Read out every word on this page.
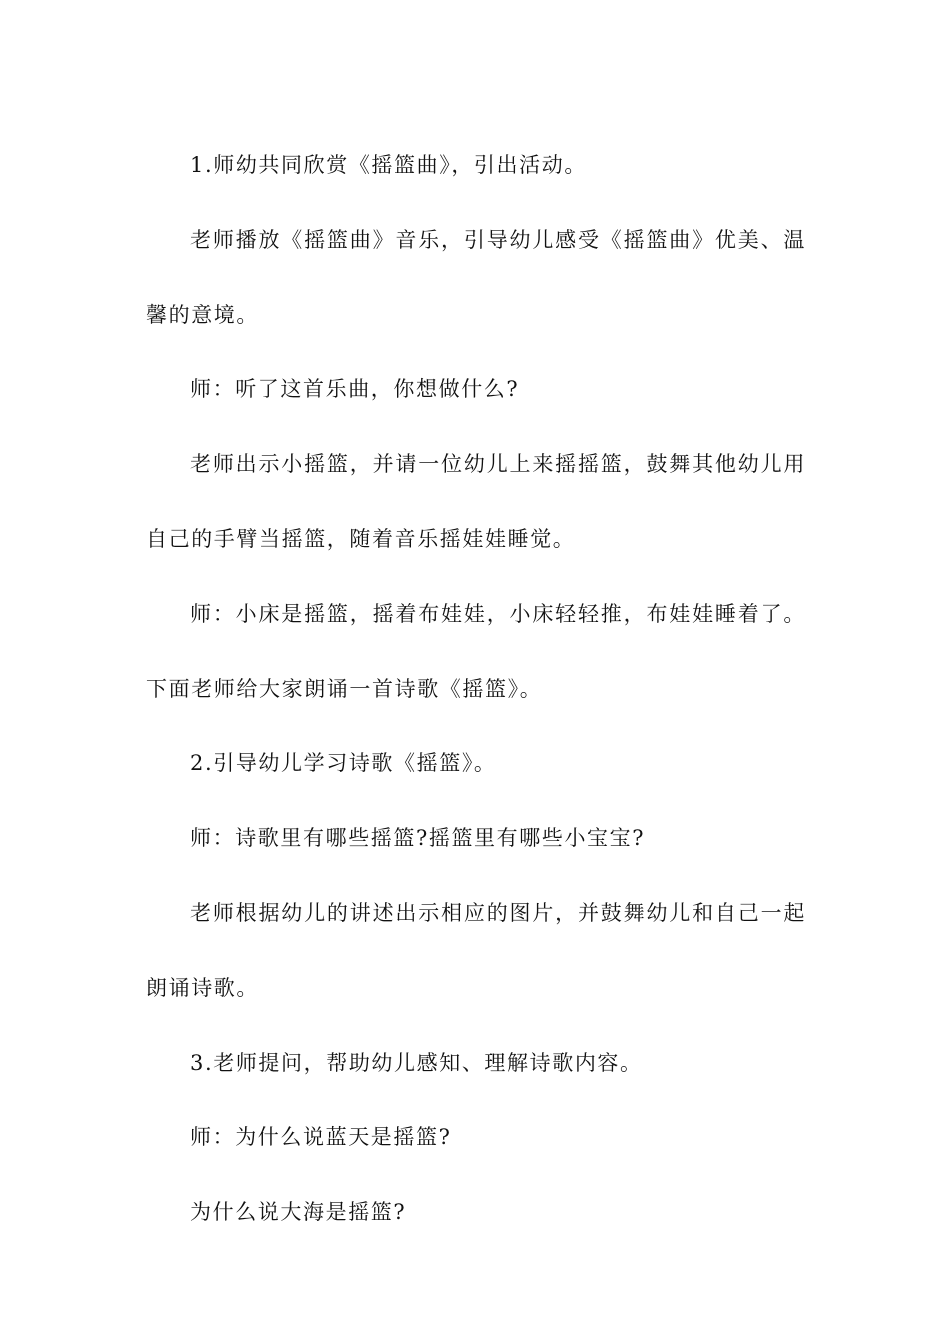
1.师幼共同欣赏《摇篮曲》，引出活动。

老师播放《摇篮曲》音乐，引导幼儿感受《摇篮曲》优美、温馨的意境。

师：听了这首乐曲，你想做什么?

老师出示小摇篮，并请一位幼儿上来摇摇篮，鼓舞其他幼儿用自己的手臂当摇篮，随着音乐摇娃娃睡觉。

师：小床是摇篮，摇着布娃娃，小床轻轻推，布娃娃睡着了。下面老师给大家朗诵一首诗歌《摇篮》。

2.引导幼儿学习诗歌《摇篮》。

师：诗歌里有哪些摇篮?摇篮里有哪些小宝宝?

老师根据幼儿的讲述出示相应的图片，并鼓舞幼儿和自己一起朗诵诗歌。

3.老师提问，帮助幼儿感知、理解诗歌内容。

师：为什么说蓝天是摇篮?

为什么说大海是摇篮?
